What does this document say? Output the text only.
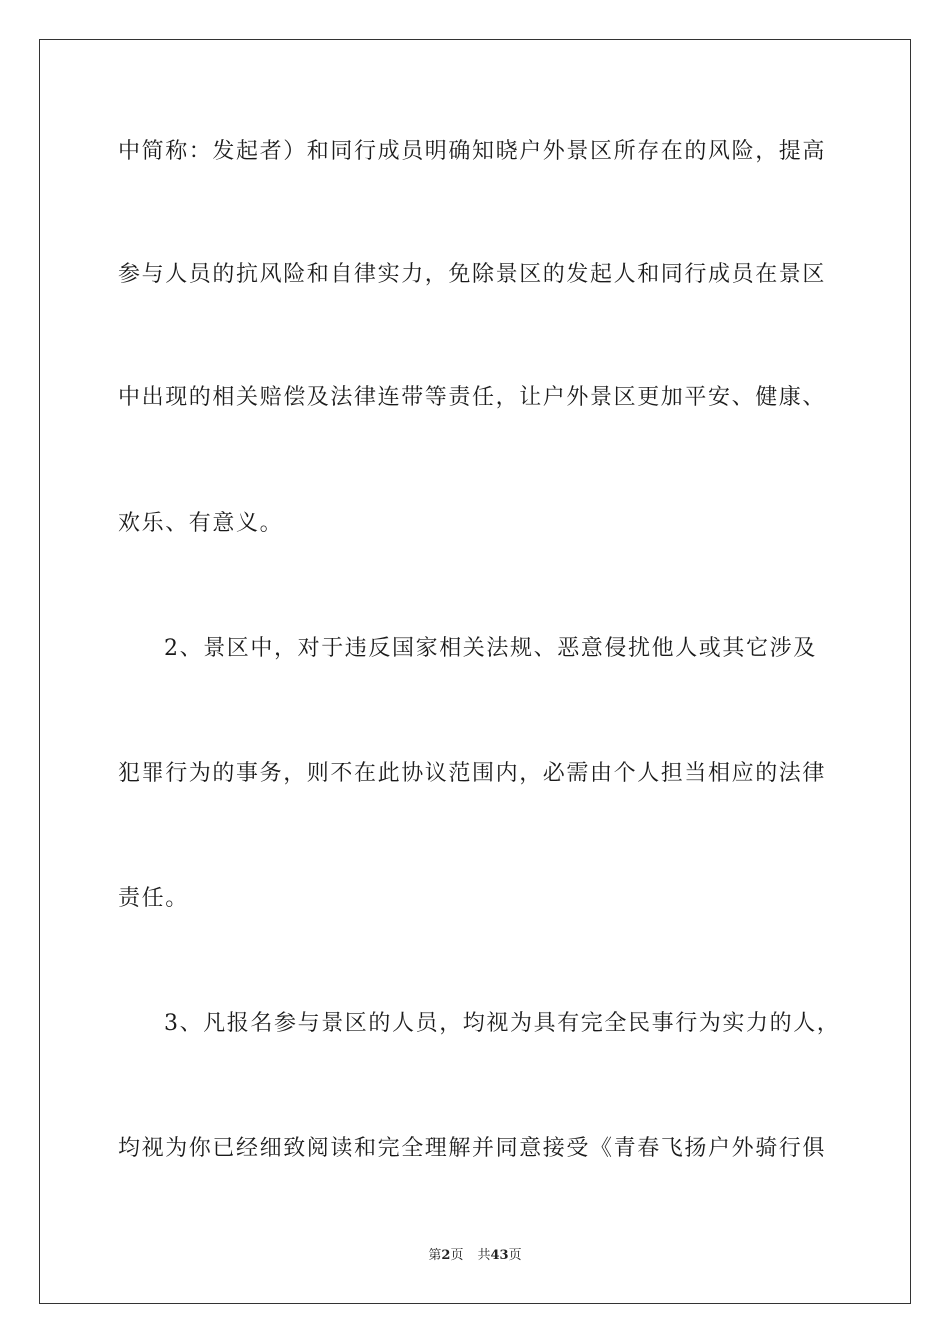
中简称：发起者）和同行成员明确知晓户外景区所存在的风险，提高
参与人员的抗风险和自律实力，免除景区的发起人和同行成员在景区
中出现的相关赔偿及法律连带等责任，让户外景区更加平安、健康、
欢乐、有意义。
2、景区中，对于违反国家相关法规、恶意侵扰他人或其它涉及
犯罪行为的事务，则不在此协议范围内，必需由个人担当相应的法律
责任。
3、凡报名参与景区的人员，均视为具有完全民事行为实力的人，
均视为你已经细致阅读和完全理解并同意接受《青春飞扬户外骑行俱
第2页 共43页
